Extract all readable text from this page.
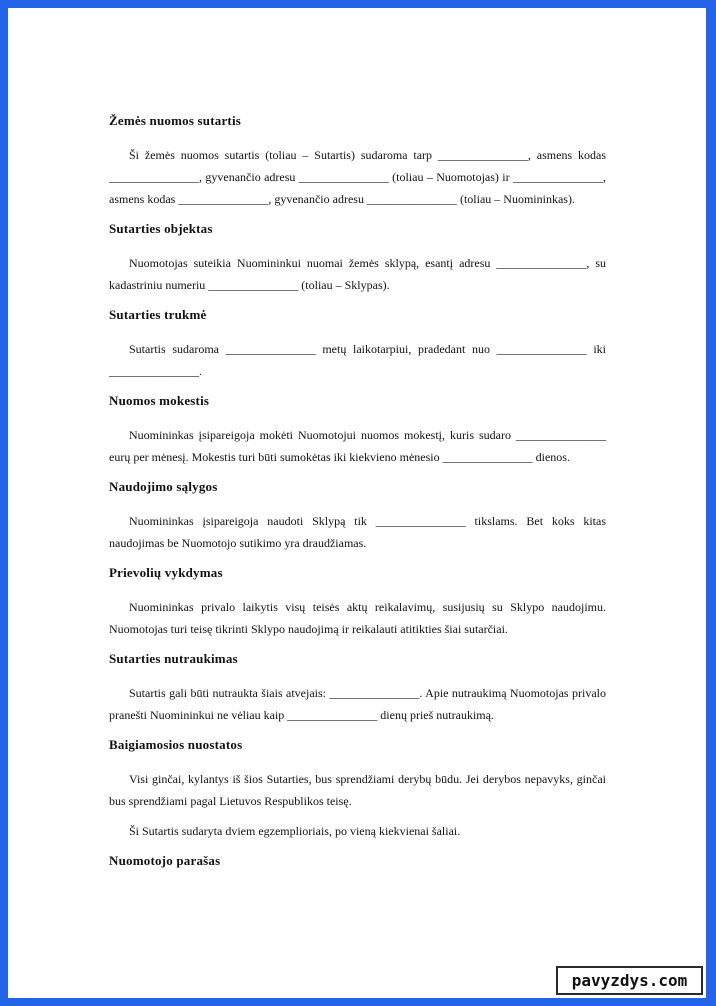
Žemės nuomos sutartis

Ši žemės nuomos sutartis (toliau – Sutartis) sudaroma tarp _______________, asmens kodas _______________, gyvenančio adresu _______________ (toliau – Nuomotojas) ir _______________, asmens kodas _______________, gyvenančio adresu _______________ (toliau – Nuomininkas).

Sutarties objektas

Nuomotojas suteikia Nuomininkui nuomai žemės sklypą, esantį adresu _______________, su kadastriniu numeriu _______________ (toliau – Sklypas).

Sutarties trukmė

Sutartis sudaroma _______________ metų laikotarpiui, pradedant nuo _______________ iki _______________.

Nuomos mokestis

Nuomininkas įsipareigoja mokėti Nuomotojui nuomos mokestį, kuris sudaro _______________ eurų per mėnesį. Mokestis turi būti sumokėtas iki kiekvieno mėnesio _______________ dienos.

Naudojimo sąlygos

Nuomininkas įsipareigoja naudoti Sklypą tik _______________ tikslams. Bet koks kitas naudojimas be Nuomotojo sutikimo yra draudžiamas.

Prievolių vykdymas

Nuomininkas privalo laikytis visų teisės aktų reikalavimų, susijusių su Sklypo naudojimu. Nuomotojas turi teisę tikrinti Sklypo naudojimą ir reikalauti atitikties šiai sutarčiai.

Sutarties nutraukimas

Sutartis gali būti nutraukta šiais atvejais: _______________. Apie nutraukimą Nuomotojas privalo pranešti Nuomininkui ne vėliau kaip _______________ dienų prieš nutraukimą.

Baigiamosios nuostatos

Visi ginčai, kylantys iš šios Sutarties, bus sprendžiami derybų būdu. Jei derybos nepavyks, ginčai bus sprendžiami pagal Lietuvos Respublikos teisę.

Ši Sutartis sudaryta dviem egzemplioriais, po vieną kiekvienai šaliai.

Nuomotojo parašas
pavyzdys.com
